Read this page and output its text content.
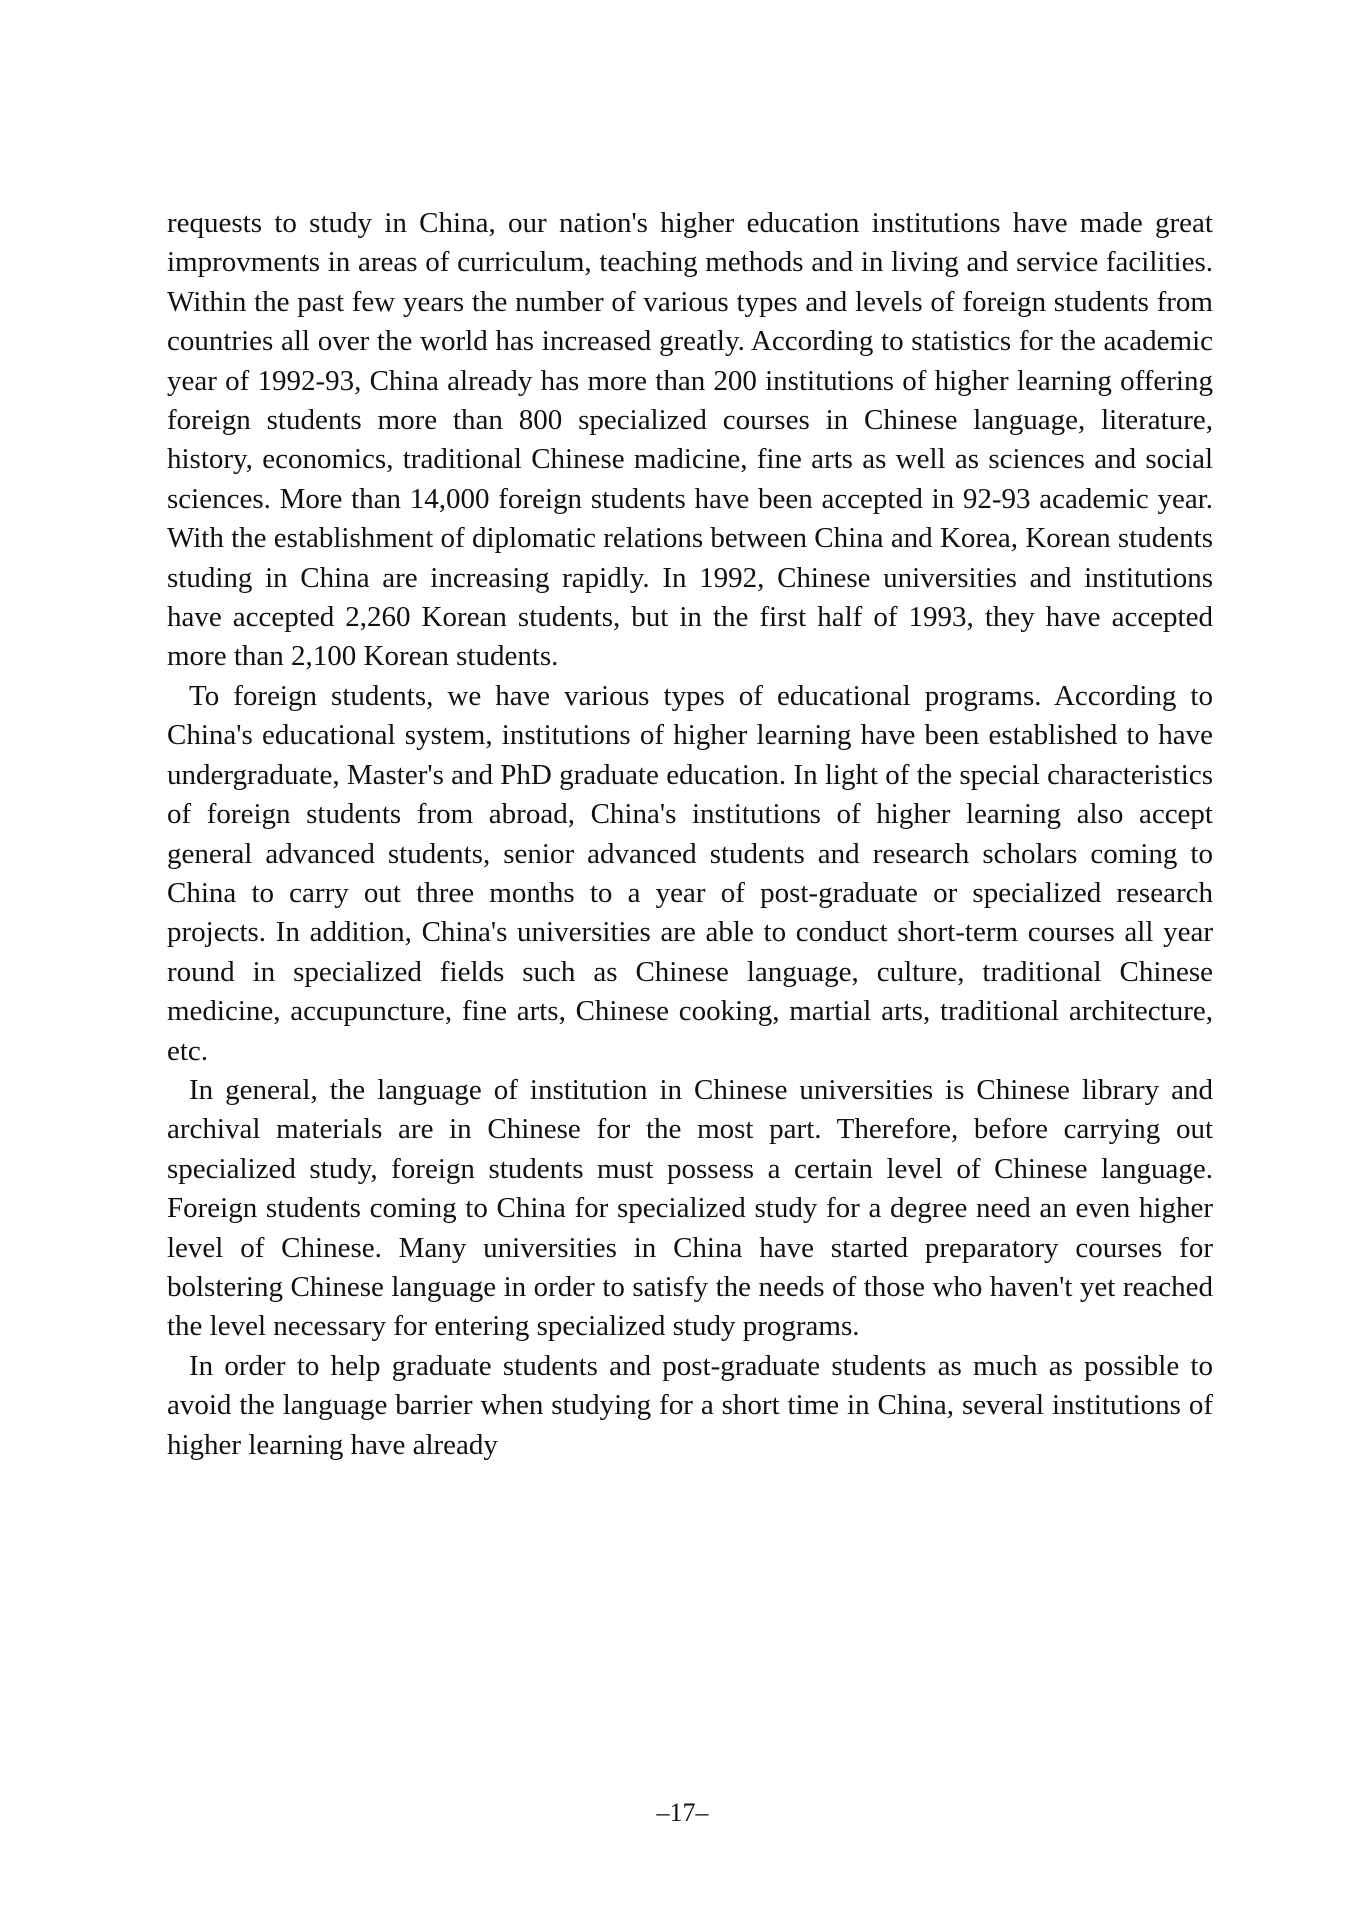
requests to study in China, our nation's higher education institutions have made great improvments in areas of curriculum, teaching methods and in living and service facilities. Within the past few years the number of various types and levels of foreign students from countries all over the world has increased greatly. According to statistics for the academic year of 1992-93, China already has more than 200 institutions of higher learning offering foreign students more than 800 specialized courses in Chinese language, literature, history, economics, traditional Chinese madicine, fine arts as well as sciences and social sciences. More than 14,000 foreign students have been accepted in 92-93 academic year. With the establishment of diplomatic relations between China and Korea, Korean students studing in China are increasing rapidly. In 1992, Chinese universities and institutions have accepted 2,260 Korean students, but in the first half of 1993, they have accepted more than 2,100 Korean students.

To foreign students, we have various types of educational programs. According to China's educational system, institutions of higher learning have been established to have undergraduate, Master's and PhD graduate education. In light of the special characteristics of foreign students from abroad, China's institutions of higher learning also accept general advanced students, senior advanced students and research scholars coming to China to carry out three months to a year of post-graduate or specialized research projects. In addition, China's universities are able to conduct short-term courses all year round in specialized fields such as Chinese language, culture, traditional Chinese medicine, accupuncture, fine arts, Chinese cooking, martial arts, traditional architecture, etc.

In general, the language of institution in Chinese universities is Chinese library and archival materials are in Chinese for the most part. Therefore, before carrying out specialized study, foreign students must possess a certain level of Chinese language. Foreign students coming to China for specialized study for a degree need an even higher level of Chinese. Many universities in China have started preparatory courses for bolstering Chinese language in order to satisfy the needs of those who haven't yet reached the level necessary for entering specialized study programs.

In order to help graduate students and post-graduate students as much as possible to avoid the language barrier when studying for a short time in China, several institutions of higher learning have already

–17–
